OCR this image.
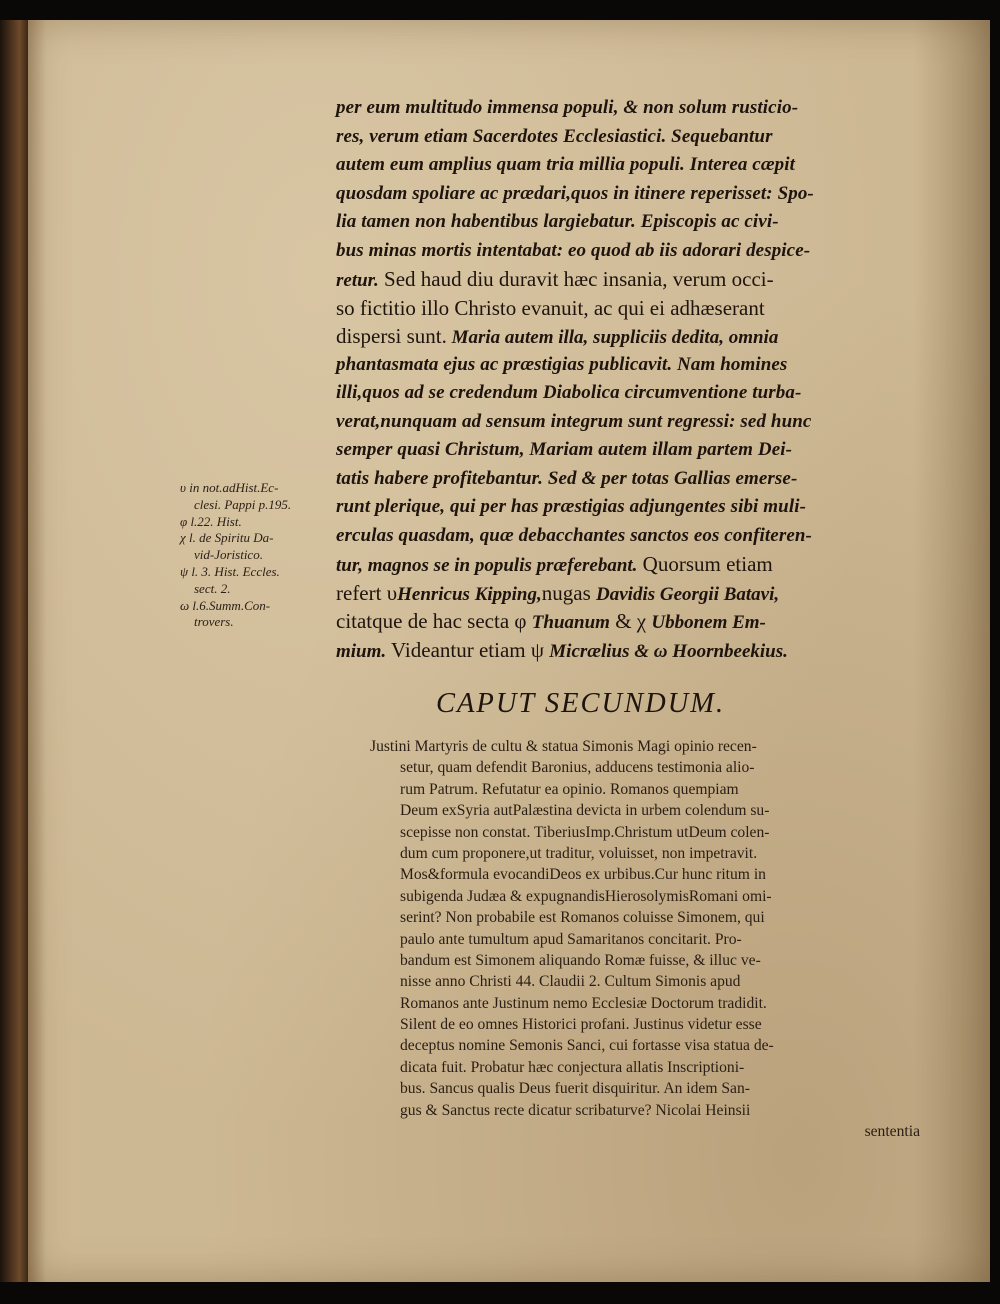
per eum multitudo immensa populi, & non solum rusticio-
res, verum etiam Sacerdotes Ecclesiastici. Sequebantur
autem eum amplius quam tria millia populi. Interea cæpit
quosdam spoliare ac prædari,quos in itinere reperisset: Spo-
lia tamen non habentibus largiebatur. Episcopis ac civi-
bus minas mortis intentabat: eo quod ab iis adorari despice-
retur. Sed haud diu duravit hæc insania, verum occi-
so fictitio illo Christo evanuit, ac qui ei adhæserant
dispersi sunt. Maria autem illa, suppliciis dedita, omnia
phantasmata ejus ac præstigias publicavit. Nam homines
illi,quos ad se credendum Diabolica circumventione turba-
verat,nunquam ad sensum integrum sunt regressi: sed hunc
semper quasi Christum, Mariam autem illam partem Dei-
tatis habere profitebantur. Sed & per totas Gallias emerse-
runt plerique, qui per has præstigias adjungentes sibi muli-
erculas quasdam, quæ debacchantes sanctos eos confiteren-
tur, magnos se in populis præferebant. Quorsum etiam
refert υHenricus Kipping,nugas Davidis Georgii Batavi,
citatque de hac secta φ Thuanum & χ Ubbonem Em-
mium. Videantur etiam ψ Micrælius & ω Hoornbeekius.
υ in not.adHist.Ec-
clesi. Pappi p.195.
φ l.22. Hist.
χ l. de Spiritu Da-
vid-Joristico.
ψ l. 3. Hist. Eccles.
sect. 2.
ω l.6.Summ.Con-
trovers.
CAPUT SECUNDUM.
Justini Martyris de cultu & statua Simonis Magi opinio recen-
setur, quam defendit Baronius, adducens testimonia alio-
rum Patrum. Refutatur ea opinio. Romanos quempiam
Deum exSyria autPalæstina devicta in urbem colendum su-
scepisse non constat. TiberiusImp.Christum utDeum colen-
dum cum proponere,ut traditur, voluisset, non impetravit.
Mos&formula evocandiDeos ex urbibus.Cur hunc ritum in
subigenda Judæa & expugnandisHierosolymisRomani omi-
serint? Non probabile est Romanos coluisse Simonem, qui
paulo ante tumultum apud Samaritanos concitarit. Pro-
bandum est Simonem aliquando Romæ fuisse, & illuc ve-
nisse anno Christi 44. Claudii 2. Cultum Simonis apud
Romanos ante Justinum nemo Ecclesiæ Doctorum tradidit.
Silent de eo omnes Historici profani. Justinus videtur esse
deceptus nomine Semonis Sanci, cui fortasse visa statua de-
dicata fuit. Probatur hæc conjectura allatis Inscriptioni-
bus. Sancus qualis Deus fuerit disquiritur. An idem San-
gus & Sanctus recte dicatur scribaturve? Nicolai Heinsii
sententia
